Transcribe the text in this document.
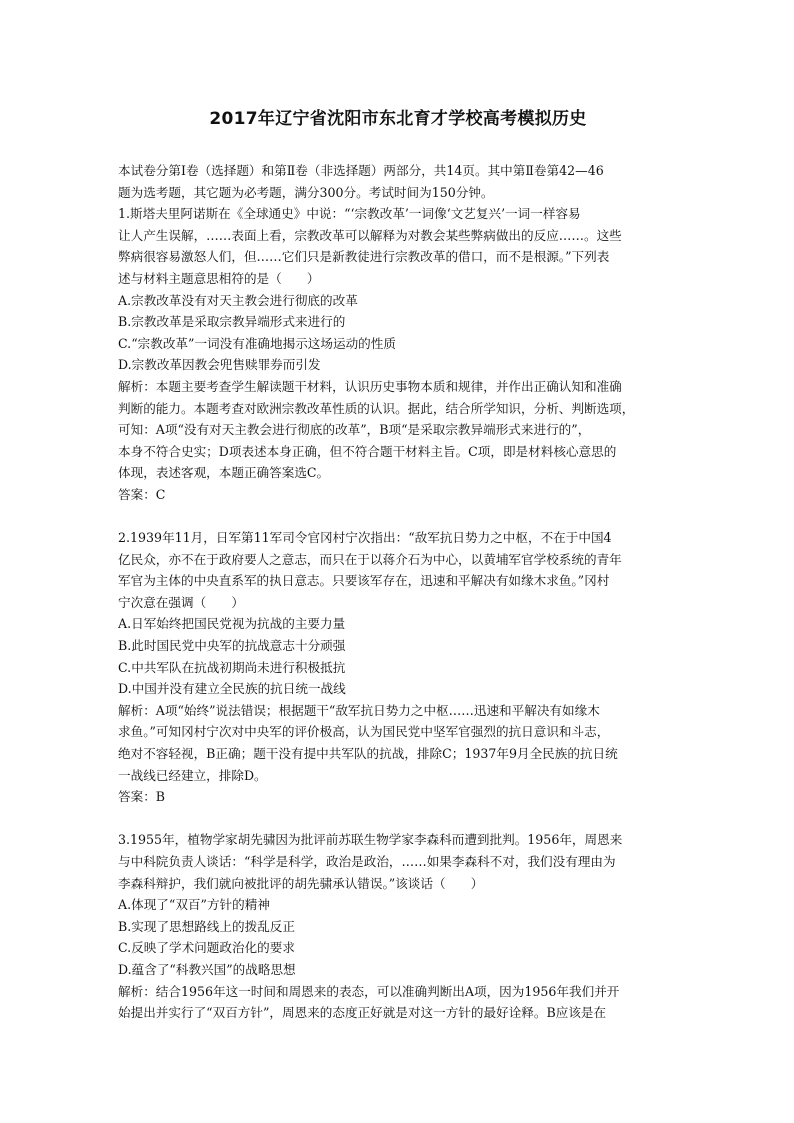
2017年辽宁省沈阳市东北育才学校高考模拟历史
本试卷分第Ⅰ卷（选择题）和第Ⅱ卷（非选择题）两部分，共14页。其中第Ⅱ卷第42—46
题为选考题，其它题为必考题，满分300分。考试时间为150分钟。
1.斯塔夫里阿诺斯在《全球通史》中说：“‘宗教改革’一词像‘文艺复兴’一词一样容易
让人产生误解，……表面上看，宗教改革可以解释为对教会某些弊病做出的反应……。这些
弊病很容易激怒人们，但……它们只是新教徒进行宗教改革的借口，而不是根源。”下列表
述与材料主题意思相符的是（　　）
A.宗教改革没有对天主教会进行彻底的改革
B.宗教改革是采取宗教异端形式来进行的
C.“宗教改革”一词没有准确地揭示这场运动的性质
D.宗教改革因教会兜售赎罪券而引发
解析：本题主要考查学生解读题干材料，认识历史事物本质和规律，并作出正确认知和准确
判断的能力。本题考查对欧洲宗教改革性质的认识。据此，结合所学知识，分析、判断选项，
可知：A项“没有对天主教会进行彻底的改革”，B项“是采取宗教异端形式来进行的”，
本身不符合史实；D项表述本身正确，但不符合题干材料主旨。C项，即是材料核心意思的
体现，表述客观，本题正确答案选C。
答案：C
2.1939年11月，日军第11军司令官冈村宁次指出：“敌军抗日势力之中枢，不在于中国4
亿民众，亦不在于政府要人之意志，而只在于以蒋介石为中心，以黄埔军官学校系统的青年
军官为主体的中央直系军的执日意志。只要该军存在，迅速和平解决有如缘木求鱼。”冈村
宁次意在强调（　　）
A.日军始终把国民党视为抗战的主要力量
B.此时国民党中央军的抗战意志十分顽强
C.中共军队在抗战初期尚未进行积极抵抗
D.中国并没有建立全民族的抗日统一战线
解析：A项“始终”说法错误；根据题干“敌军抗日势力之中枢……迅速和平解决有如缘木
求鱼。”可知冈村宁次对中央军的评价极高，认为国民党中坚军官强烈的抗日意识和斗志，
绝对不容轻视，B正确；题干没有提中共军队的抗战，排除C；1937年9月全民族的抗日统
一战线已经建立，排除D。
答案：B
3.1955年，植物学家胡先骕因为批评前苏联生物学家李森科而遭到批判。1956年，周恩来
与中科院负责人谈话：“科学是科学，政治是政治，……如果李森科不对，我们没有理由为
李森科辩护，我们就向被批评的胡先骕承认错误。”该谈话（　　）
A.体现了“双百”方针的精神
B.实现了思想路线上的拨乱反正
C.反映了学术问题政治化的要求
D.蕴含了“科教兴国”的战略思想
解析：结合1956年这一时间和周恩来的表态，可以准确判断出A项，因为1956年我们并开
始提出并实行了“双百方针”，周恩来的态度正好就是对这一方针的最好诠释。B应该是在
